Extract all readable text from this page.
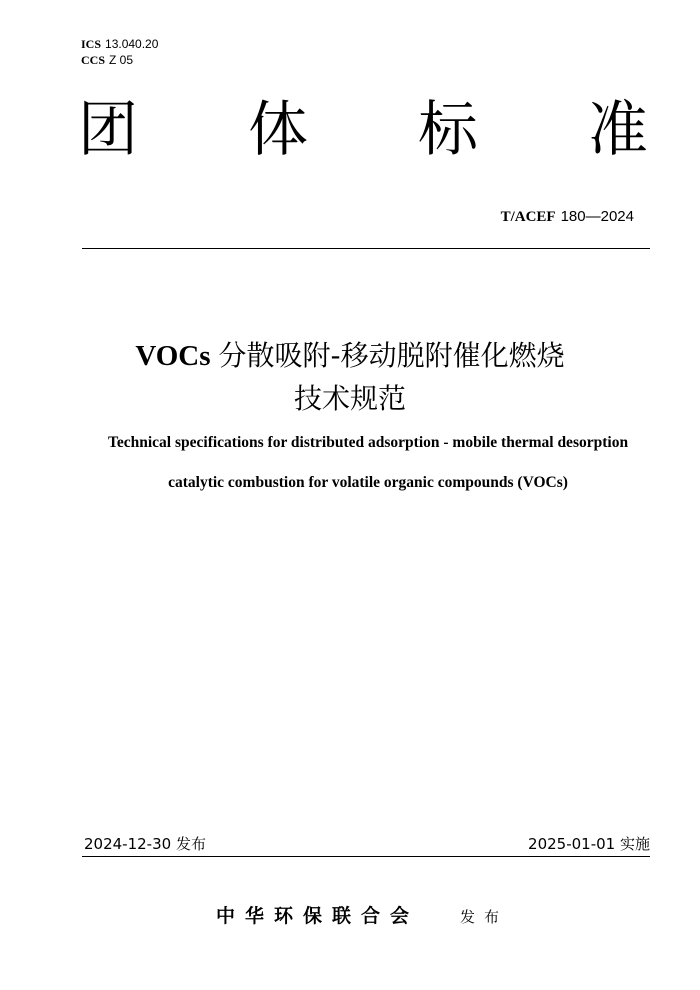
ICS 13.040.20
CCS Z 05
团 体 标 准
T/ACEF 180—2024
VOCs 分散吸附-移动脱附催化燃烧
技术规范
Technical specifications for distributed adsorption - mobile thermal desorption
catalytic combustion for volatile organic compounds (VOCs)
2024-12-30 发布	2025-01-01 实施
中华环保联合会	发布
